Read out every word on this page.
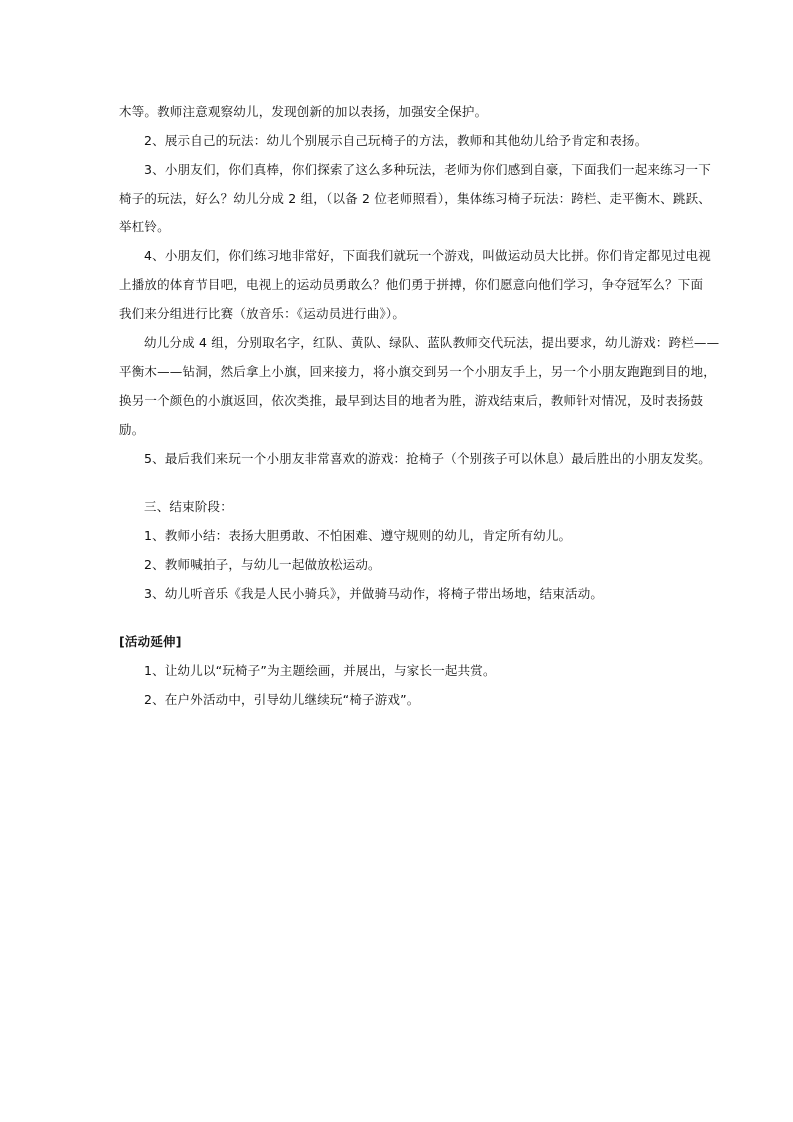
木等。教师注意观察幼儿，发现创新的加以表扬，加强安全保护。
2、展示自己的玩法：幼儿个别展示自己玩椅子的方法，教师和其他幼儿给予肯定和表扬。
3、小朋友们，你们真棒，你们探索了这么多种玩法，老师为你们感到自豪，下面我们一起来练习一下
椅子的玩法，好么？幼儿分成 2 组，（以备 2 位老师照看），集体练习椅子玩法：跨栏、走平衡木、跳跃、
举杠铃。
4、小朋友们，你们练习地非常好，下面我们就玩一个游戏，叫做运动员大比拼。你们肯定都见过电视
上播放的体育节目吧，电视上的运动员勇敢么？他们勇于拼搏，你们愿意向他们学习，争夺冠军么？下面
我们来分组进行比赛（放音乐：《运动员进行曲》）。
幼儿分成 4 组，分别取名字，红队、黄队、绿队、蓝队教师交代玩法，提出要求，幼儿游戏：跨栏——
平衡木——钻洞，然后拿上小旗，回来接力，将小旗交到另一个小朋友手上，另一个小朋友跑跑到目的地，
换另一个颜色的小旗返回，依次类推，最早到达目的地者为胜，游戏结束后，教师针对情况，及时表扬鼓
励。
5、最后我们来玩一个小朋友非常喜欢的游戏：抢椅子（个别孩子可以休息）最后胜出的小朋友发奖。
三、结束阶段：
1、教师小结：表扬大胆勇敢、不怕困难、遵守规则的幼儿，肯定所有幼儿。
2、教师喊拍子，与幼儿一起做放松运动。
3、幼儿听音乐《我是人民小骑兵》，并做骑马动作，将椅子带出场地，结束活动。
[活动延伸]
1、让幼儿以“玩椅子”为主题绘画，并展出，与家长一起共赏。
2、在户外活动中，引导幼儿继续玩“椅子游戏”。
